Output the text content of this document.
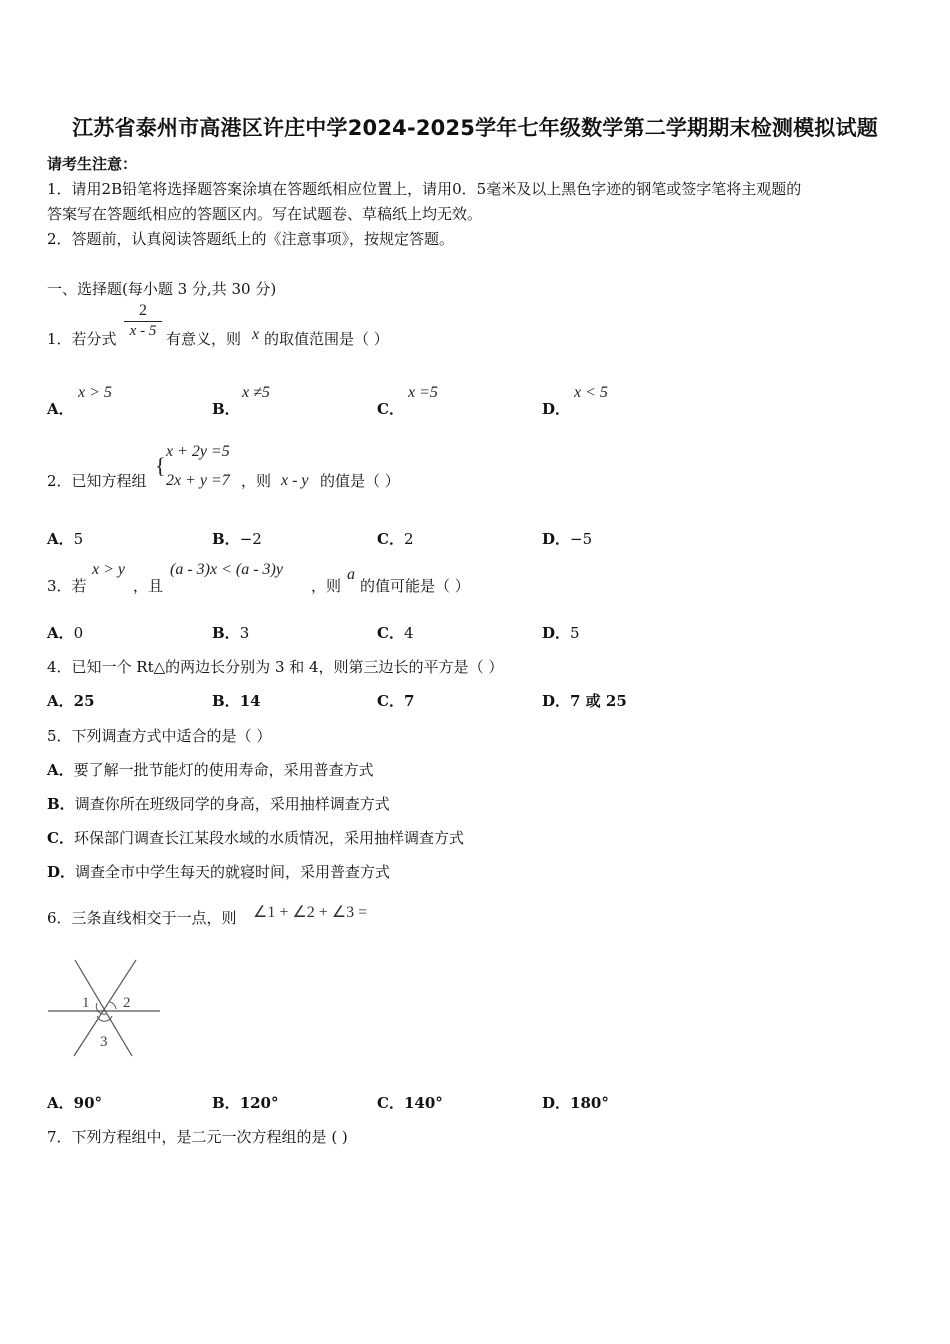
江苏省泰州市高港区许庄中学2024-2025学年七年级数学第二学期期末检测模拟试题
请考生注意：
1．请用2B铅笔将选择题答案涂填在答题纸相应位置上，请用0．5毫米及以上黑色字迹的钢笔或签字笔将主观题的
答案写在答题纸相应的答题区内。写在试题卷、草稿纸上均无效。
2．答题前，认真阅读答题纸上的《注意事项》，按规定答题。
一、选择题(每小题 3 分,共 30 分)
1．若分式 $\frac{2}{x - 5}$ 有意义，则 x 的取值范围是（ ）
A．
x > 5
B．
x ≠5
C．
x =5
D．
x < 5
2．已知方程组
{
x + 2y =5
2x + y =7 ，则 x - y 的值是（ ）
A．5	B．−2	C．2	D．−5
3．若
x > y
，且
(a - 3)x < (a - 3)y
，则
a
的值可能是（ ）
A．0	B．3	C．4	D．5
4．已知一个 Rt△的两边长分别为 3 和 4，则第三边长的平方是（ ）
A．25	B．14	C．7	D．7 或 25
5．下列调查方式中适合的是（ ）
A．要了解一批节能灯的使用寿命，采用普查方式
B．调查你所在班级同学的身高，采用抽样调查方式
C．环保部门调查长江某段水域的水质情况，采用抽样调查方式
D．调查全市中学生每天的就寝时间，采用普查方式
6．三条直线相交于一点，则 ∠1 + ∠2 + ∠3 =
1 2
3
A．90°	B．120°	C．140°	D．180°
7．下列方程组中，是二元一次方程组的是 ( )
